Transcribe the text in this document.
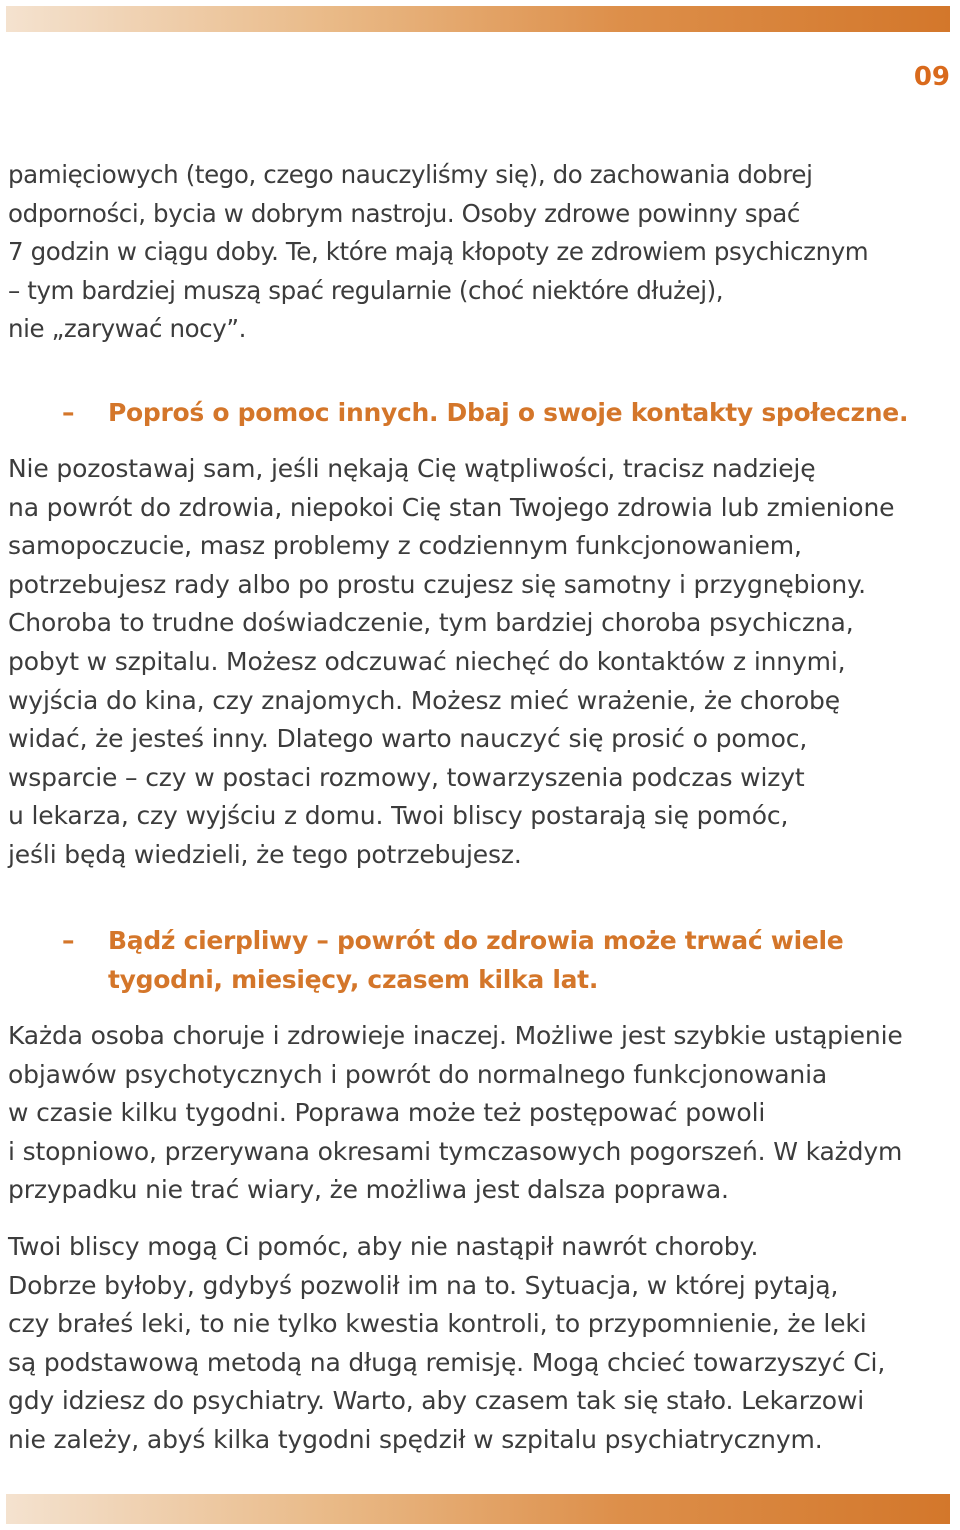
09

pamięciowych (tego, czego nauczyliśmy się), do zachowania dobrej
odporności, bycia w dobrym nastroju. Osoby zdrowe powinny spać
7 godzin w ciągu doby. Te, które mają kłopoty ze zdrowiem psychicznym
– tym bardziej muszą spać regularnie (choć niektóre dłużej),
nie „zarywać nocy”.

– Poproś o pomoc innych. Dbaj o swoje kontakty społeczne.

Nie pozostawaj sam, jeśli nękają Cię wątpliwości, tracisz nadzieję
na powrót do zdrowia, niepokoi Cię stan Twojego zdrowia lub zmienione
samopoczucie, masz problemy z codziennym funkcjonowaniem,
potrzebujesz rady albo po prostu czujesz się samotny i przygnębiony.
Choroba to trudne doświadczenie, tym bardziej choroba psychiczna,
pobyt w szpitalu. Możesz odczuwać niechęć do kontaktów z innymi,
wyjścia do kina, czy znajomych. Możesz mieć wrażenie, że chorobę
widać, że jesteś inny. Dlatego warto nauczyć się prosić o pomoc,
wsparcie – czy w postaci rozmowy, towarzyszenia podczas wizyt
u lekarza, czy wyjściu z domu. Twoi bliscy postarają się pomóc,
jeśli będą wiedzieli, że tego potrzebujesz.

– Bądź cierpliwy – powrót do zdrowia może trwać wiele
tygodni, miesięcy, czasem kilka lat.

Każda osoba choruje i zdrowieje inaczej. Możliwe jest szybkie ustąpienie
objawów psychotycznych i powrót do normalnego funkcjonowania
w czasie kilku tygodni. Poprawa może też postępować powoli
i stopniowo, przerywana okresami tymczasowych pogorszeń. W każdym
przypadku nie trać wiary, że możliwa jest dalsza poprawa.

Twoi bliscy mogą Ci pomóc, aby nie nastąpił nawrót choroby.
Dobrze byłoby, gdybyś pozwolił im na to. Sytuacja, w której pytają,
czy brałeś leki, to nie tylko kwestia kontroli, to przypomnienie, że leki
są podstawową metodą na długą remisję. Mogą chcieć towarzyszyć Ci,
gdy idziesz do psychiatry. Warto, aby czasem tak się stało. Lekarzowi
nie zależy, abyś kilka tygodni spędził w szpitalu psychiatrycznym.
